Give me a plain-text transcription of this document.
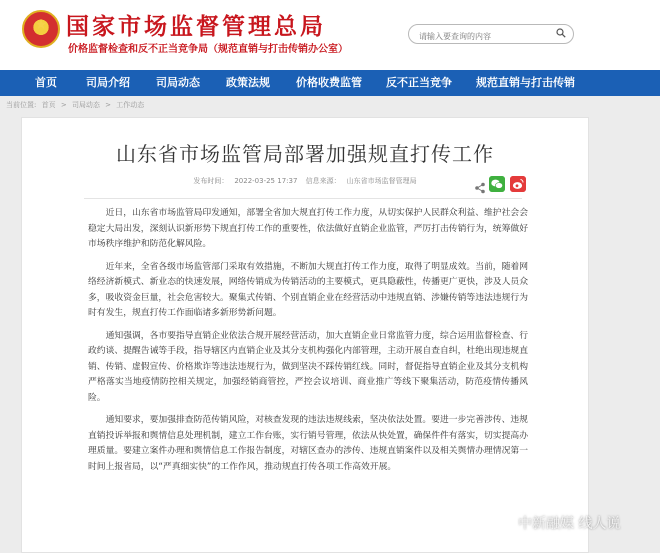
★ 国家市场监督管理总局
价格监督检查和反不正当竞争局（规范直销与打击传销办公室）
请输入要查询的内容
首页	司局介绍 司局动态 政策法规 价格收费监管 反不正当竞争 规范直销与打击传销
当前位置: 首页 > 司局动态 > 工作动态
山东省市场监管局部署加强规直打传工作
发布时间： 2022-03-25 17:37 信息来源： 山东省市场监督管理局

近日，山东省市场监管局印发通知，部署全省加大规直打传工作力度，从切实保护人民群众利益、维护社会会稳定大局出发，深刻认识新形势下规直打传工作的重要性，依法做好直销企业监管，严厉打击传销行为，统筹做好市场秩序维护和防范化解风险。

近年来，全省各级市场监管部门采取有效措施，不断加大规直打传工作力度，取得了明显成效。当前，随着网络经济新模式、新业态的快速发展，网络传销成为传销活动的主要模式，更具隐蔽性，传播更广更快，涉及人员众多，吸收资金巨量，社会危害较大。聚集式传销、个别直销企业在经营活动中违规直销、涉嫌传销等违法违规行为时有发生，规直打传工作面临诸多新形势新问题。

通知强调，各市要指导直销企业依法合规开展经营活动，加大直销企业日常监管力度，综合运用监督检查、行政约谈、提醒告诫等手段，指导辖区内直销企业及其分支机构强化内部管理，主动开展自查自纠，杜绝出现违规直销、传销、虚假宣传、价格欺诈等违法违规行为，做到坚决不踩传销红线。同时，督促指导直销企业及其分支机构严格落实当地疫情防控相关规定，加强经销商管控，严控会议培训、商业推广等线下聚集活动，防范疫情传播风险。

通知要求，要加强排查防范传销风险，对核查发现的违法违规线索，坚决依法处置。要进一步完善涉传、违规直销投诉举报和舆情信息处理机制，建立工作台账，实行销号管理，依法从快处置，确保件件有落实，切实提高办理质量。要建立案件办理和舆情信息工作报告制度，对辖区查办的涉传、违规直销案件以及相关舆情办理情况第一时间上报省局，以“严真细实快”的工作作风，推动规直打传各项工作高效开展。

中新融媒 线人说
